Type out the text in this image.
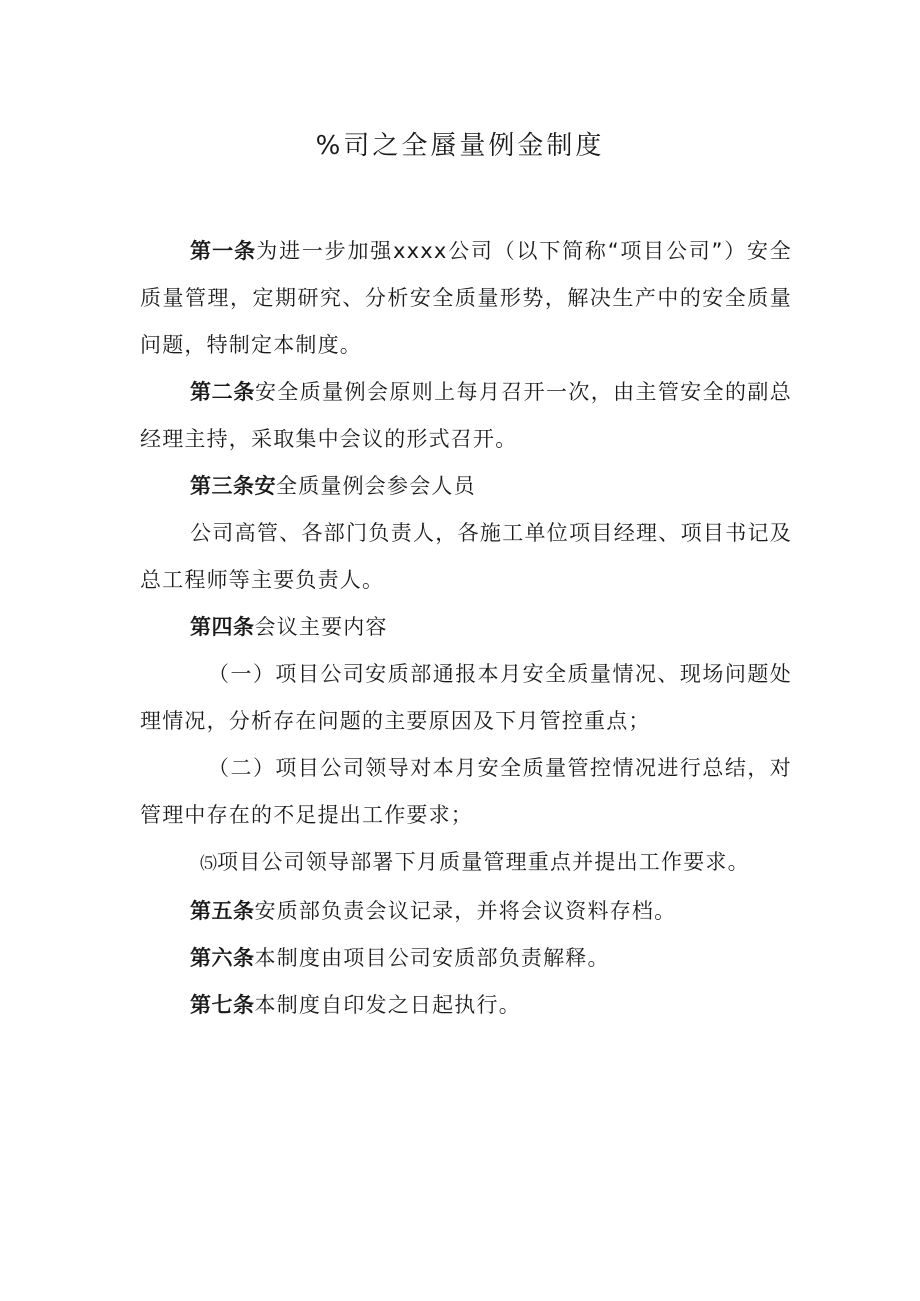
%司之全蜃量例金制度

第一条为进一步加强xxxx公司（以下简称“项目公司”）安全质量管理，定期研究、分析安全质量形势，解决生产中的安全质量问题，特制定本制度。

第二条安全质量例会原则上每月召开一次，由主管安全的副总经理主持，采取集中会议的形式召开。

第三条安全质量例会参会人员

公司高管、各部门负责人，各施工单位项目经理、项目书记及总工程师等主要负责人。

第四条会议主要内容

（一）项目公司安质部通报本月安全质量情况、现场问题处理情况，分析存在问题的主要原因及下月管控重点；

（二）项目公司领导对本月安全质量管控情况进行总结，对管理中存在的不足提出工作要求；

⑸项目公司领导部署下月质量管理重点并提出工作要求。

第五条安质部负责会议记录，并将会议资料存档。

第六条本制度由项目公司安质部负责解释。

第七条本制度自印发之日起执行。
